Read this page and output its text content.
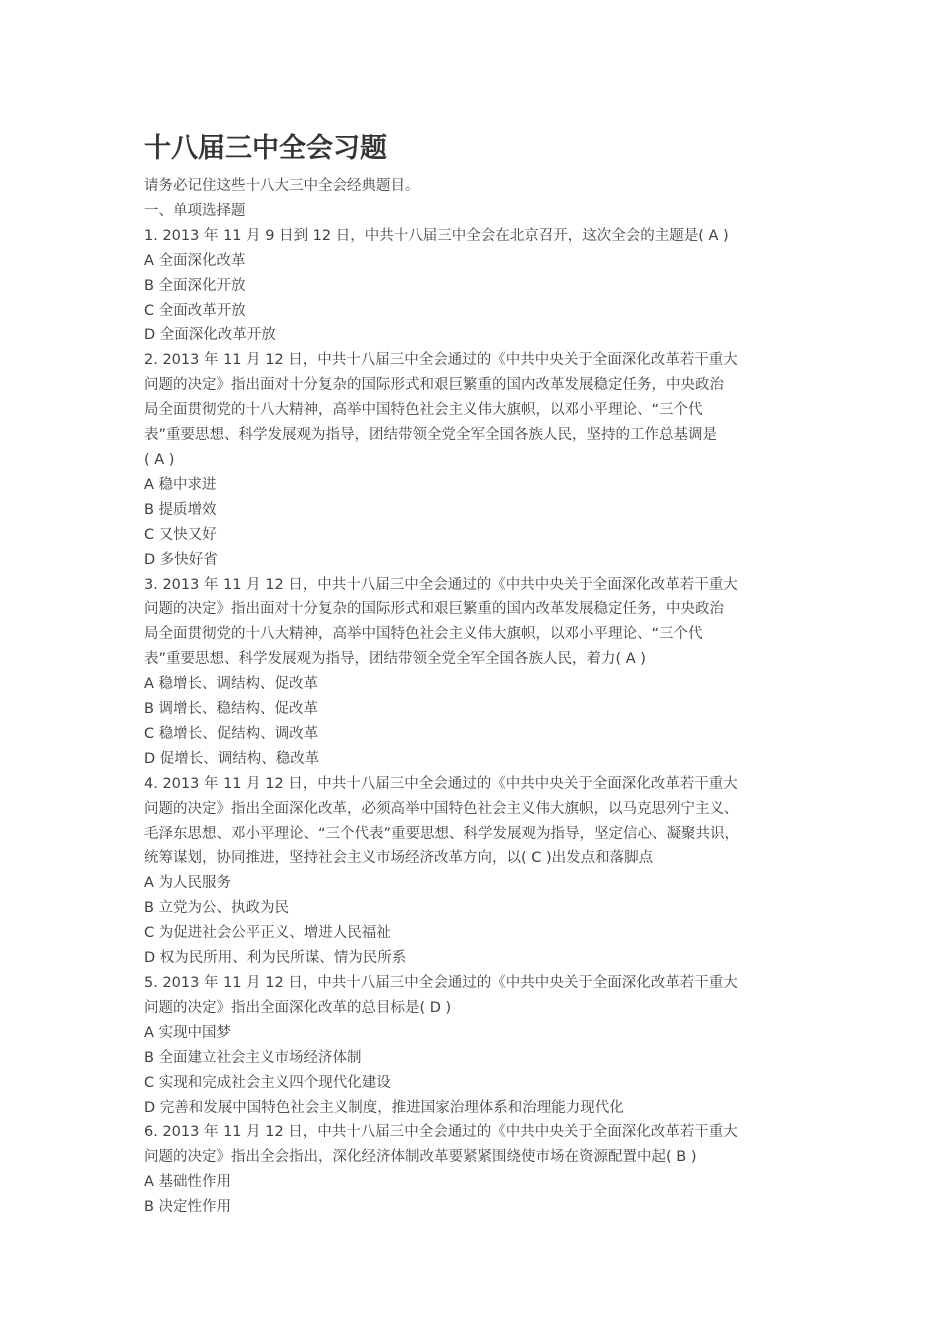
十八届三中全会习题
请务必记住这些十八大三中全会经典题目。
一、单项选择题
1. 2013 年 11 月 9 日到 12 日，中共十八届三中全会在北京召开，这次全会的主题是( A )
A 全面深化改革
B 全面深化开放
C 全面改革开放
D 全面深化改革开放
2. 2013 年 11 月 12 日，中共十八届三中全会通过的《中共中央关于全面深化改革若干重大
问题的决定》指出面对十分复杂的国际形式和艰巨繁重的国内改革发展稳定任务，中央政治
局全面贯彻党的十八大精神，高举中国特色社会主义伟大旗帜，以邓小平理论、“三个代
表”重要思想、科学发展观为指导，团结带领全党全军全国各族人民，坚持的工作总基调是
( A )
A 稳中求进
B 提质增效
C 又快又好
D 多快好省
3. 2013 年 11 月 12 日，中共十八届三中全会通过的《中共中央关于全面深化改革若干重大
问题的决定》指出面对十分复杂的国际形式和艰巨繁重的国内改革发展稳定任务，中央政治
局全面贯彻党的十八大精神，高举中国特色社会主义伟大旗帜，以邓小平理论、“三个代
表”重要思想、科学发展观为指导，团结带领全党全军全国各族人民，着力( A )
A 稳增长、调结构、促改革
B 调增长、稳结构、促改革
C 稳增长、促结构、调改革
D 促增长、调结构、稳改革
4. 2013 年 11 月 12 日，中共十八届三中全会通过的《中共中央关于全面深化改革若干重大
问题的决定》指出全面深化改革，必须高举中国特色社会主义伟大旗帜，以马克思列宁主义、
毛泽东思想、邓小平理论、“三个代表”重要思想、科学发展观为指导，坚定信心、凝聚共识，
统筹谋划，协同推进，坚持社会主义市场经济改革方向，以( C )出发点和落脚点
A 为人民服务
B 立党为公、执政为民
C 为促进社会公平正义、增进人民福祉
D 权为民所用、利为民所谋、情为民所系
5. 2013 年 11 月 12 日，中共十八届三中全会通过的《中共中央关于全面深化改革若干重大
问题的决定》指出全面深化改革的总目标是( D )
A 实现中国梦
B 全面建立社会主义市场经济体制
C 实现和完成社会主义四个现代化建设
D 完善和发展中国特色社会主义制度，推进国家治理体系和治理能力现代化
6. 2013 年 11 月 12 日，中共十八届三中全会通过的《中共中央关于全面深化改革若干重大
问题的决定》指出全会指出，深化经济体制改革要紧紧围绕使市场在资源配置中起( B )
A 基础性作用
B 决定性作用
